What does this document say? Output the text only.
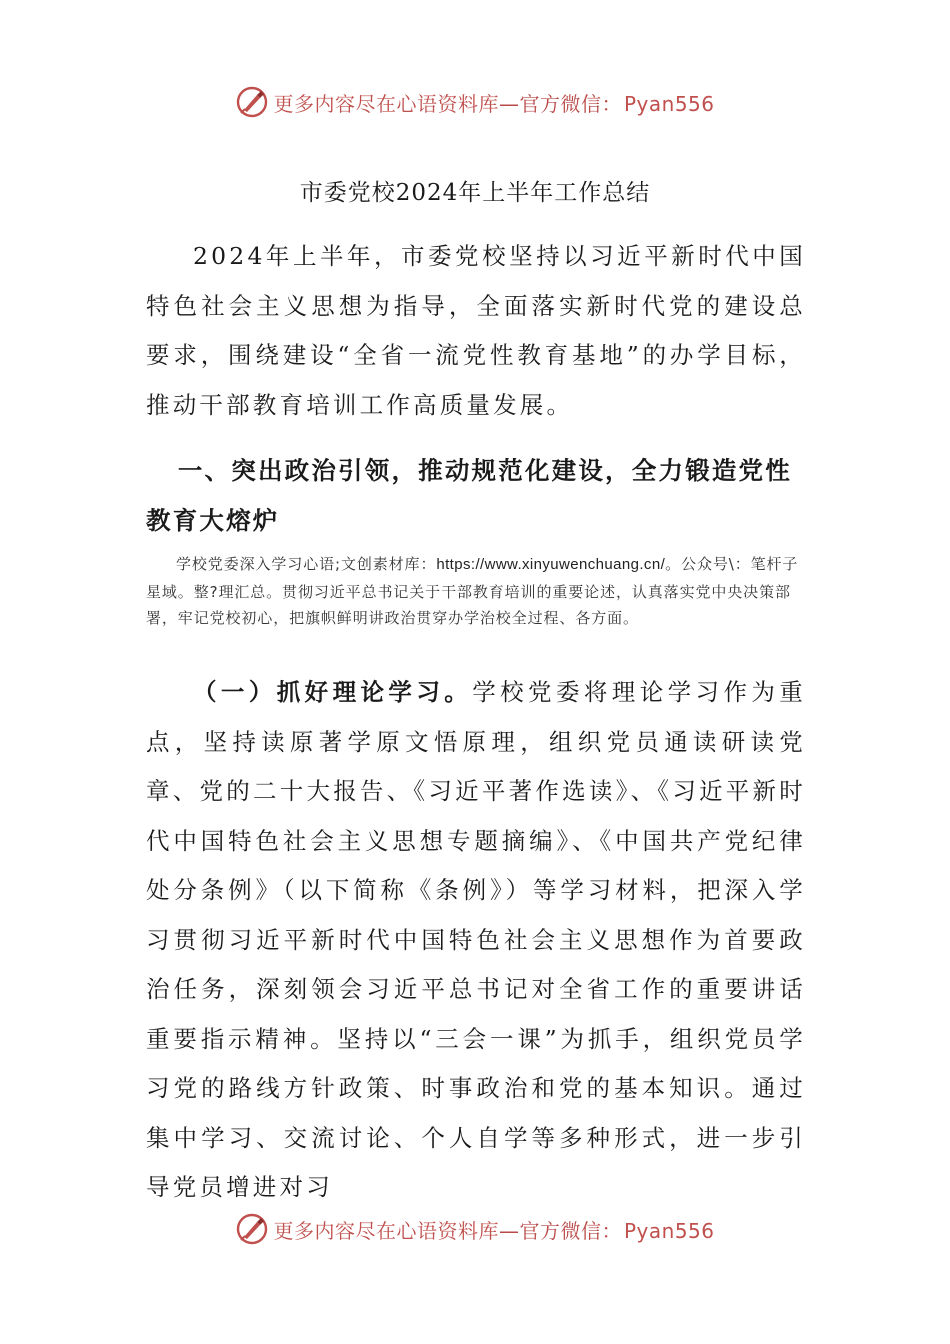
更多内容尽在心语资料库—官方微信： Pyan556
市委党校2024年上半年工作总结

2024年上半年，市委党校坚持以习近平新时代中国特色社会主义思想为指导，全面落实新时代党的建设总要求，围绕建设“全省一流党性教育基地”的办学目标，推动干部教育培训工作高质量发展。

一、突出政治引领，推动规范化建设，全力锻造党性教育大熔炉

学校党委深入学习心语;文创素材库：https://www.xinyuwenchuang.cn/。公众号\：笔杆子星域。整?理汇总。贯彻习近平总书记关于干部教育培训的重要论述，认真落实党中央决策部署，牢记党校初心，把旗帜鲜明讲政治贯穿办学治校全过程、各方面。

（一）抓好理论学习。学校党委将理论学习作为重点，坚持读原著学原文悟原理，组织党员通读研读党章、党的二十大报告、《习近平著作选读》、《习近平新时代中国特色社会主义思想专题摘编》、《中国共产党纪律处分条例》（以下简称《条例》）等学习材料，把深入学习贯彻习近平新时代中国特色社会主义思想作为首要政治任务，深刻领会习近平总书记对全省工作的重要讲话重要指示精神。坚持以“三会一课”为抓手，组织党员学习党的路线方针政策、时事政治和党的基本知识。通过集中学习、交流讨论、个人自学等多种形式，进一步引导党员增进对习

更多内容尽在心语资料库—官方微信： Pyan556
